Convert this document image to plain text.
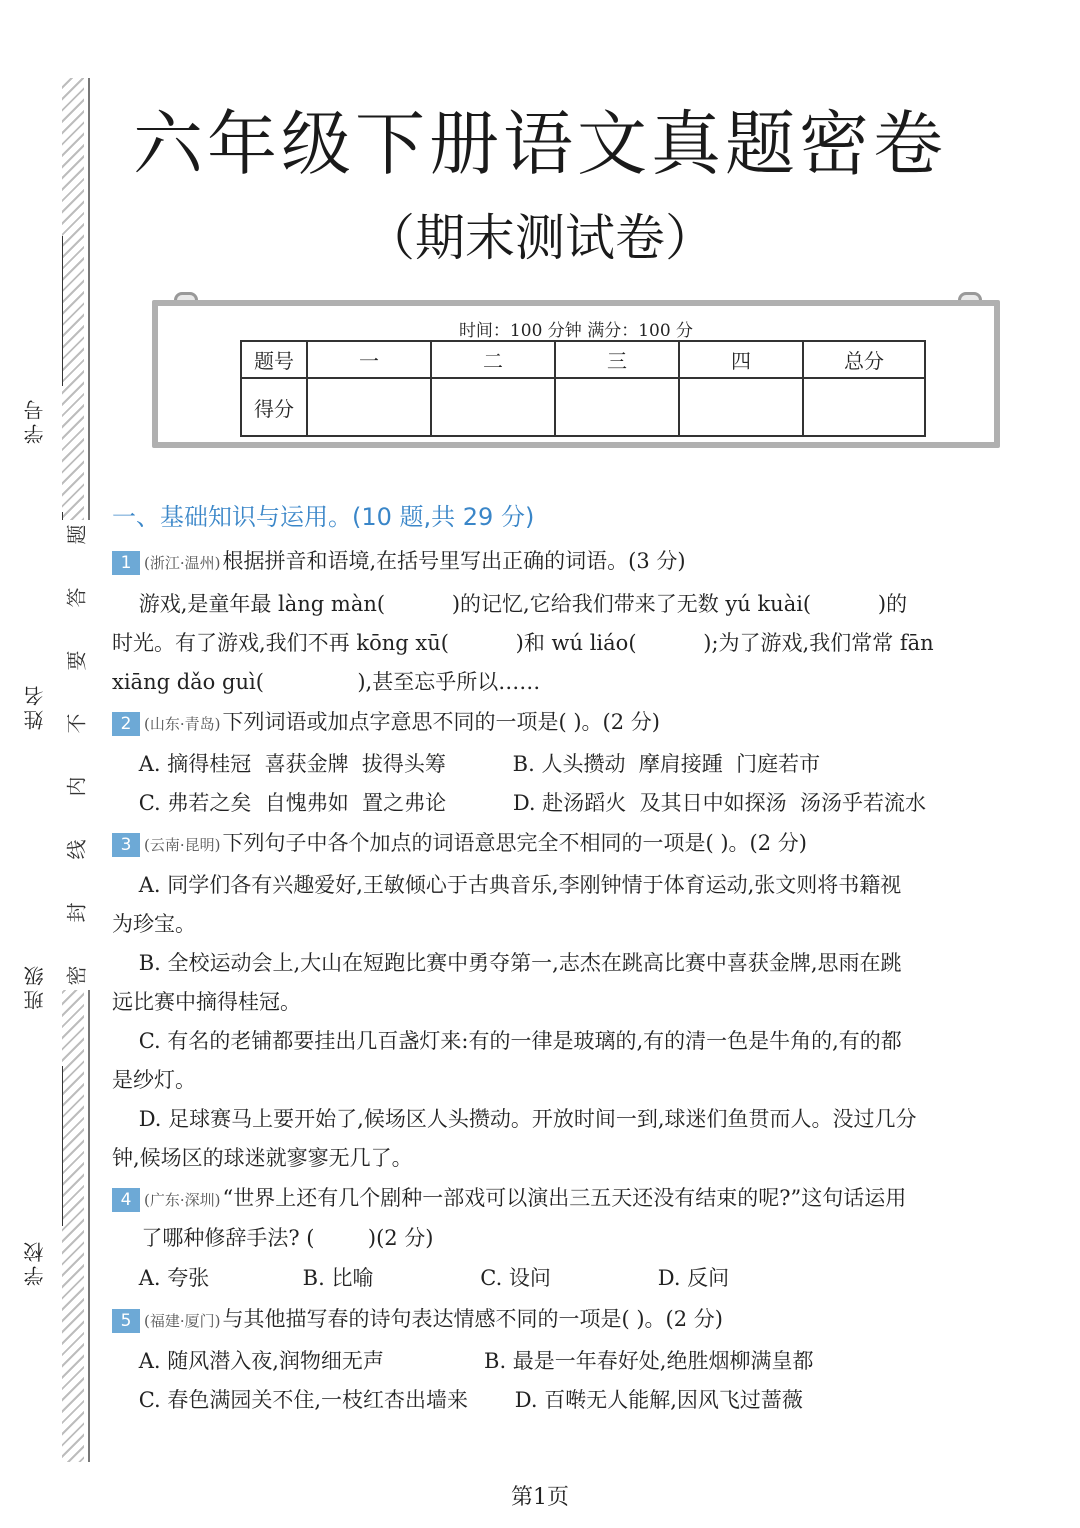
学号
姓名
班级
学校
题
答
要
不
内
线
封
密
六年级下册语文真题密卷
（期末测试卷）
时间：100 分钟 满分：100 分
题号	一	二	三	四	总分
得分					
一、基础知识与运用。(10 题,共 29 分)
1 (浙江·温州)根据拼音和语境,在括号里写出正确的词语。(3 分)
游戏,是童年最 làng màn(          )的记忆,它给我们带来了无数 yú kuài(          )的
时光。有了游戏,我们不再 kōng xū(          )和 wú liáo(          );为了游戏,我们常常 fān
xiāng dǎo guì(              ),甚至忘乎所以……
2 (山东·青岛)下列词语或加点字意思不同的一项是( )。(2 分)
A. 摘得桂冠  喜获金牌  拔得头筹          B. 人头攒动  摩肩接踵  门庭若市
C. 弗若之矣  自愧弗如  置之弗论          D. 赴汤蹈火  及其日中如探汤  汤汤乎若流水
3 (云南·昆明)下列句子中各个加点的词语意思完全不相同的一项是( )。(2 分)
A. 同学们各有兴趣爱好,王敏倾心于古典音乐,李刚钟情于体育运动,张文则将书籍视
为珍宝。
B. 全校运动会上,大山在短跑比赛中勇夺第一,志杰在跳高比赛中喜获金牌,思雨在跳
远比赛中摘得桂冠。
C. 有名的老铺都要挂出几百盏灯来:有的一律是玻璃的,有的清一色是牛角的,有的都
是纱灯。
D. 足球赛马上要开始了,候场区人头攒动。开放时间一到,球迷们鱼贯而人。没过几分
钟,候场区的球迷就寥寥无几了。
4 (广东·深圳)“世界上还有几个剧种一部戏可以演出三五天还没有结束的呢?”这句话运用
了哪种修辞手法? (        )(2 分)
A. 夸张              B. 比喻                C. 设问                D. 反问
5 (福建·厦门)与其他描写春的诗句表达情感不同的一项是( )。(2 分)
A. 随风潜入夜,润物细无声               B. 最是一年春好处,绝胜烟柳满皇都
C. 春色满园关不住,一枝红杏出墙来       D. 百啭无人能解,因风飞过蔷薇
第1页
